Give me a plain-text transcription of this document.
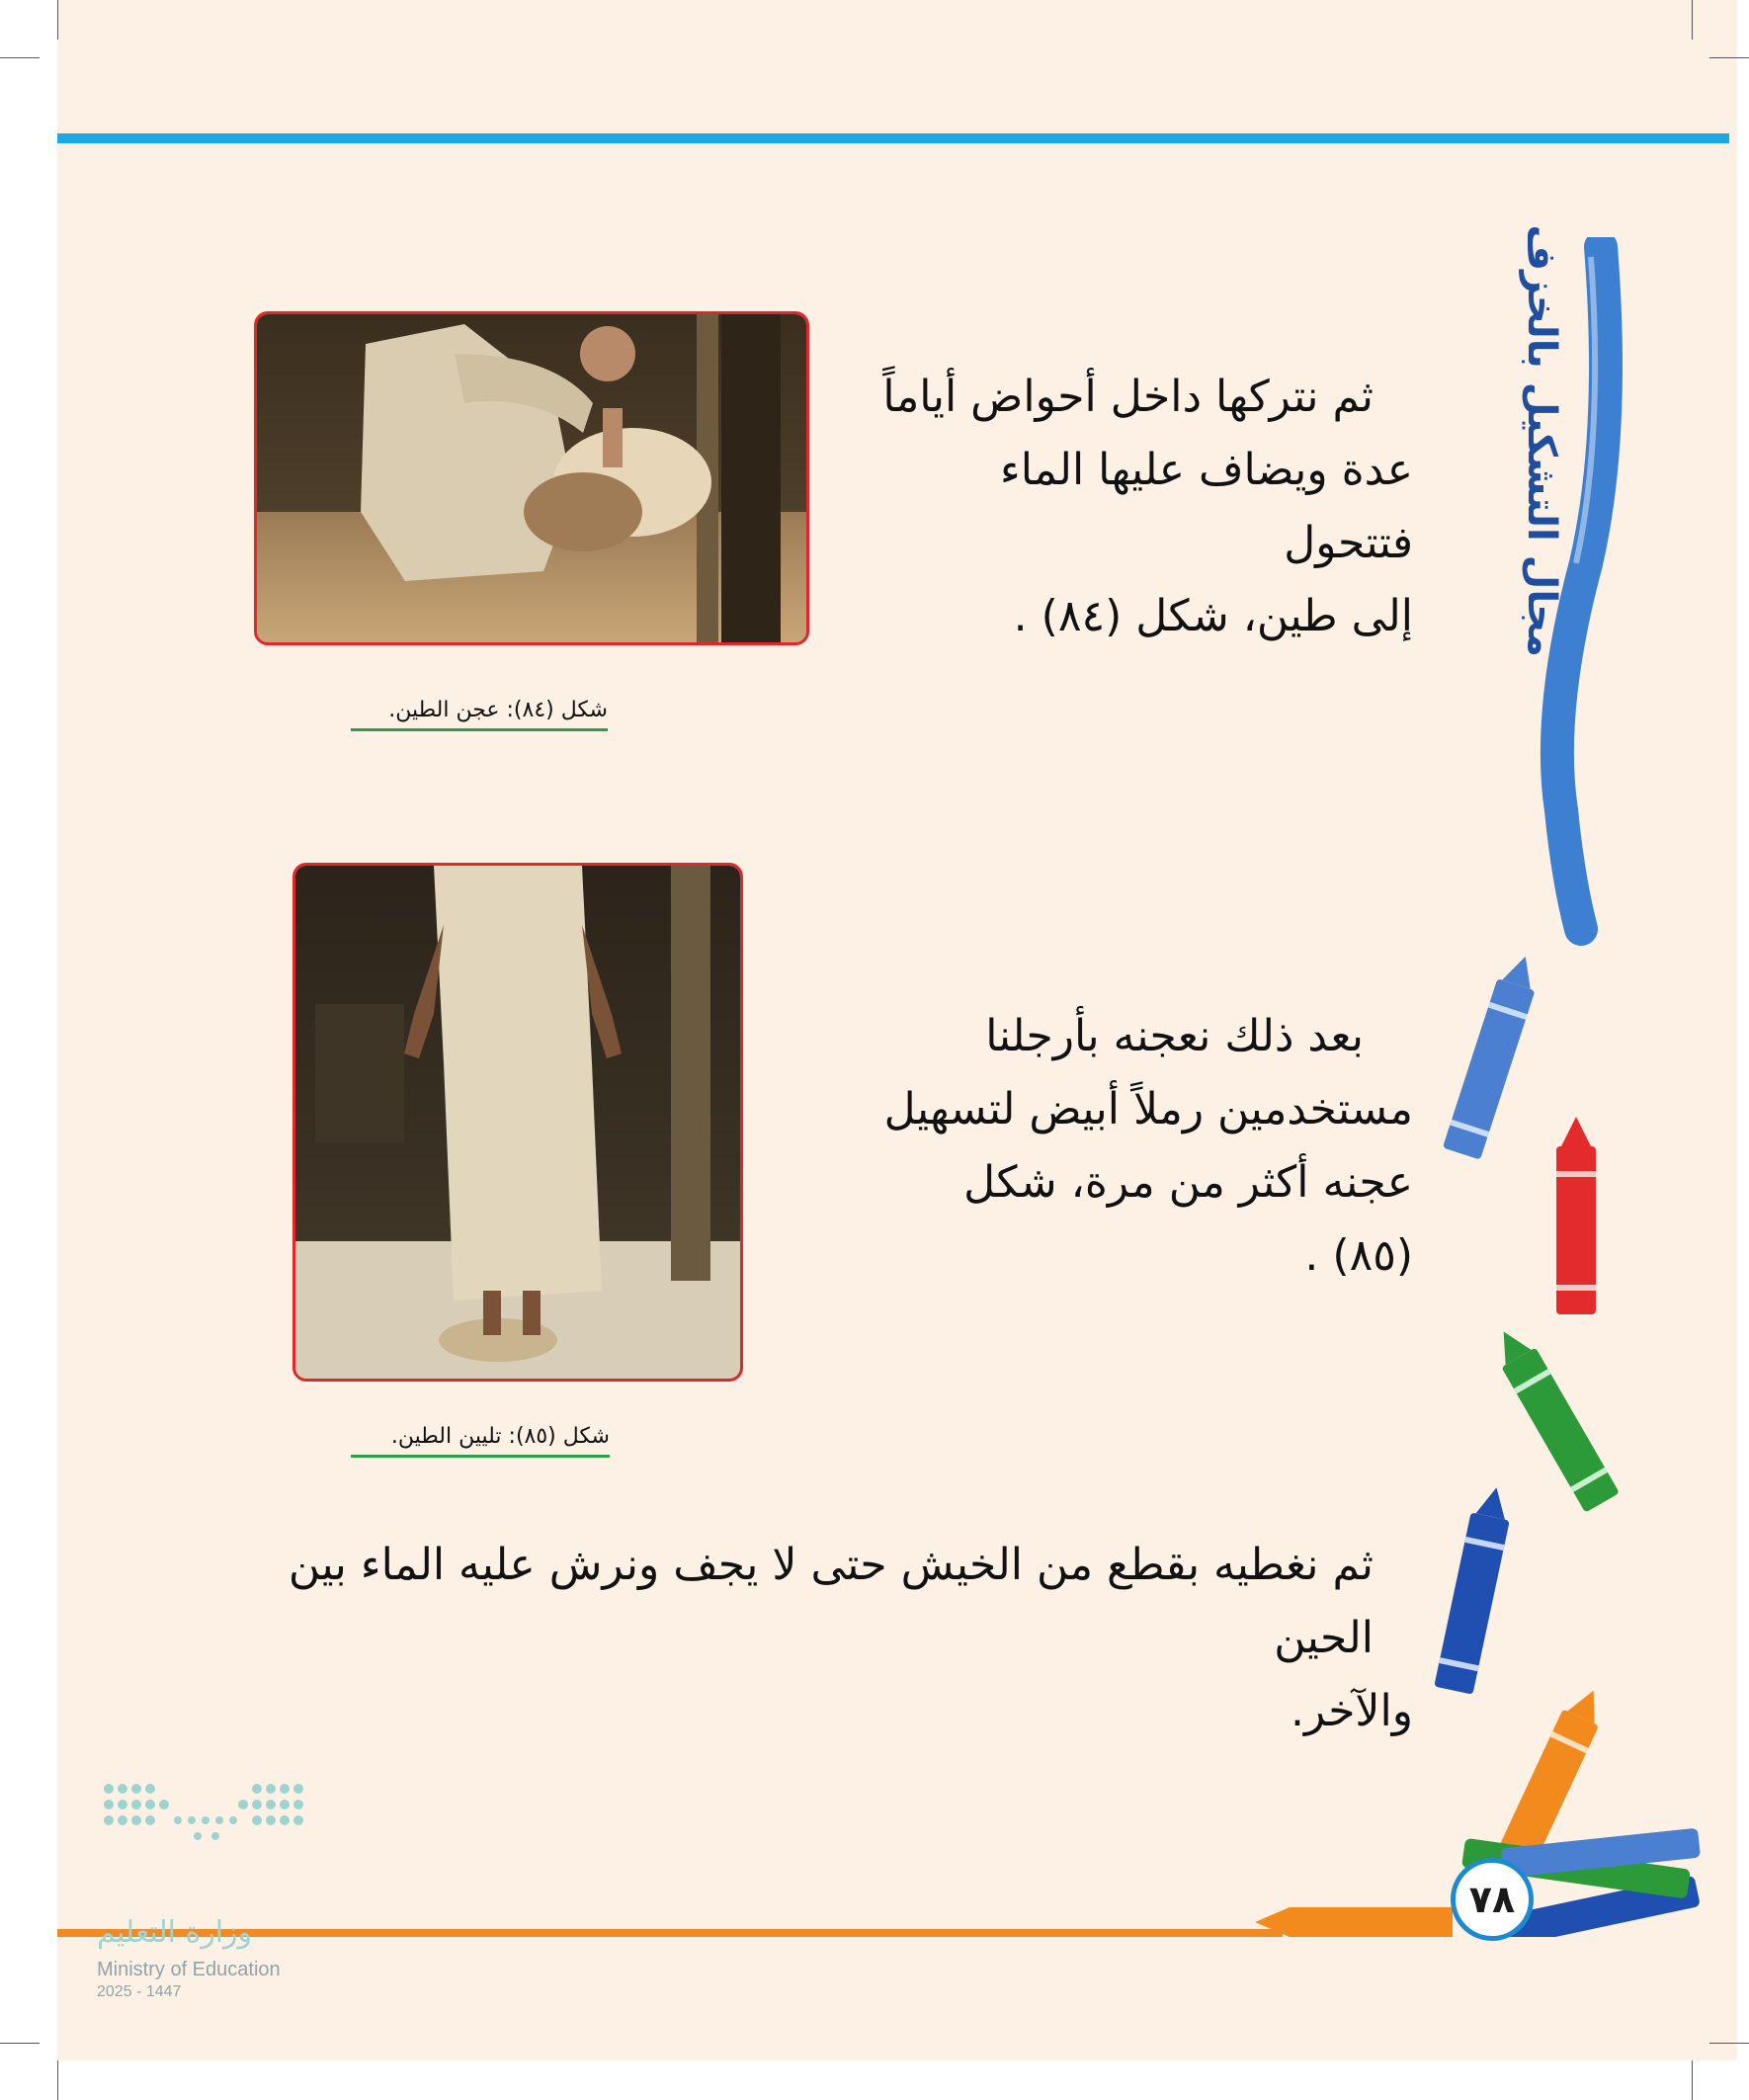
ثم نتركها داخل أحواض أياماً
عدة ويضاف عليها الماء فتتحول
إلى طين، شكل (٨٤) .
شكل (٨٤): عجن الطين.
شكل (٨٥): تليين الطين.
بعد ذلك نعجنه بأرجلنا
مستخدمين رملاً أبيض لتسهيل
عجنه أكثر من مرة، شكل (٨٥) .
ثم نغطيه بقطع من الخيش حتى لا يجف ونرش عليه الماء بين الحين
والآخر.
مجال التشكيل بالخزف
٧٨
وزارة التعليم
Ministry of Education
2025 - 1447
